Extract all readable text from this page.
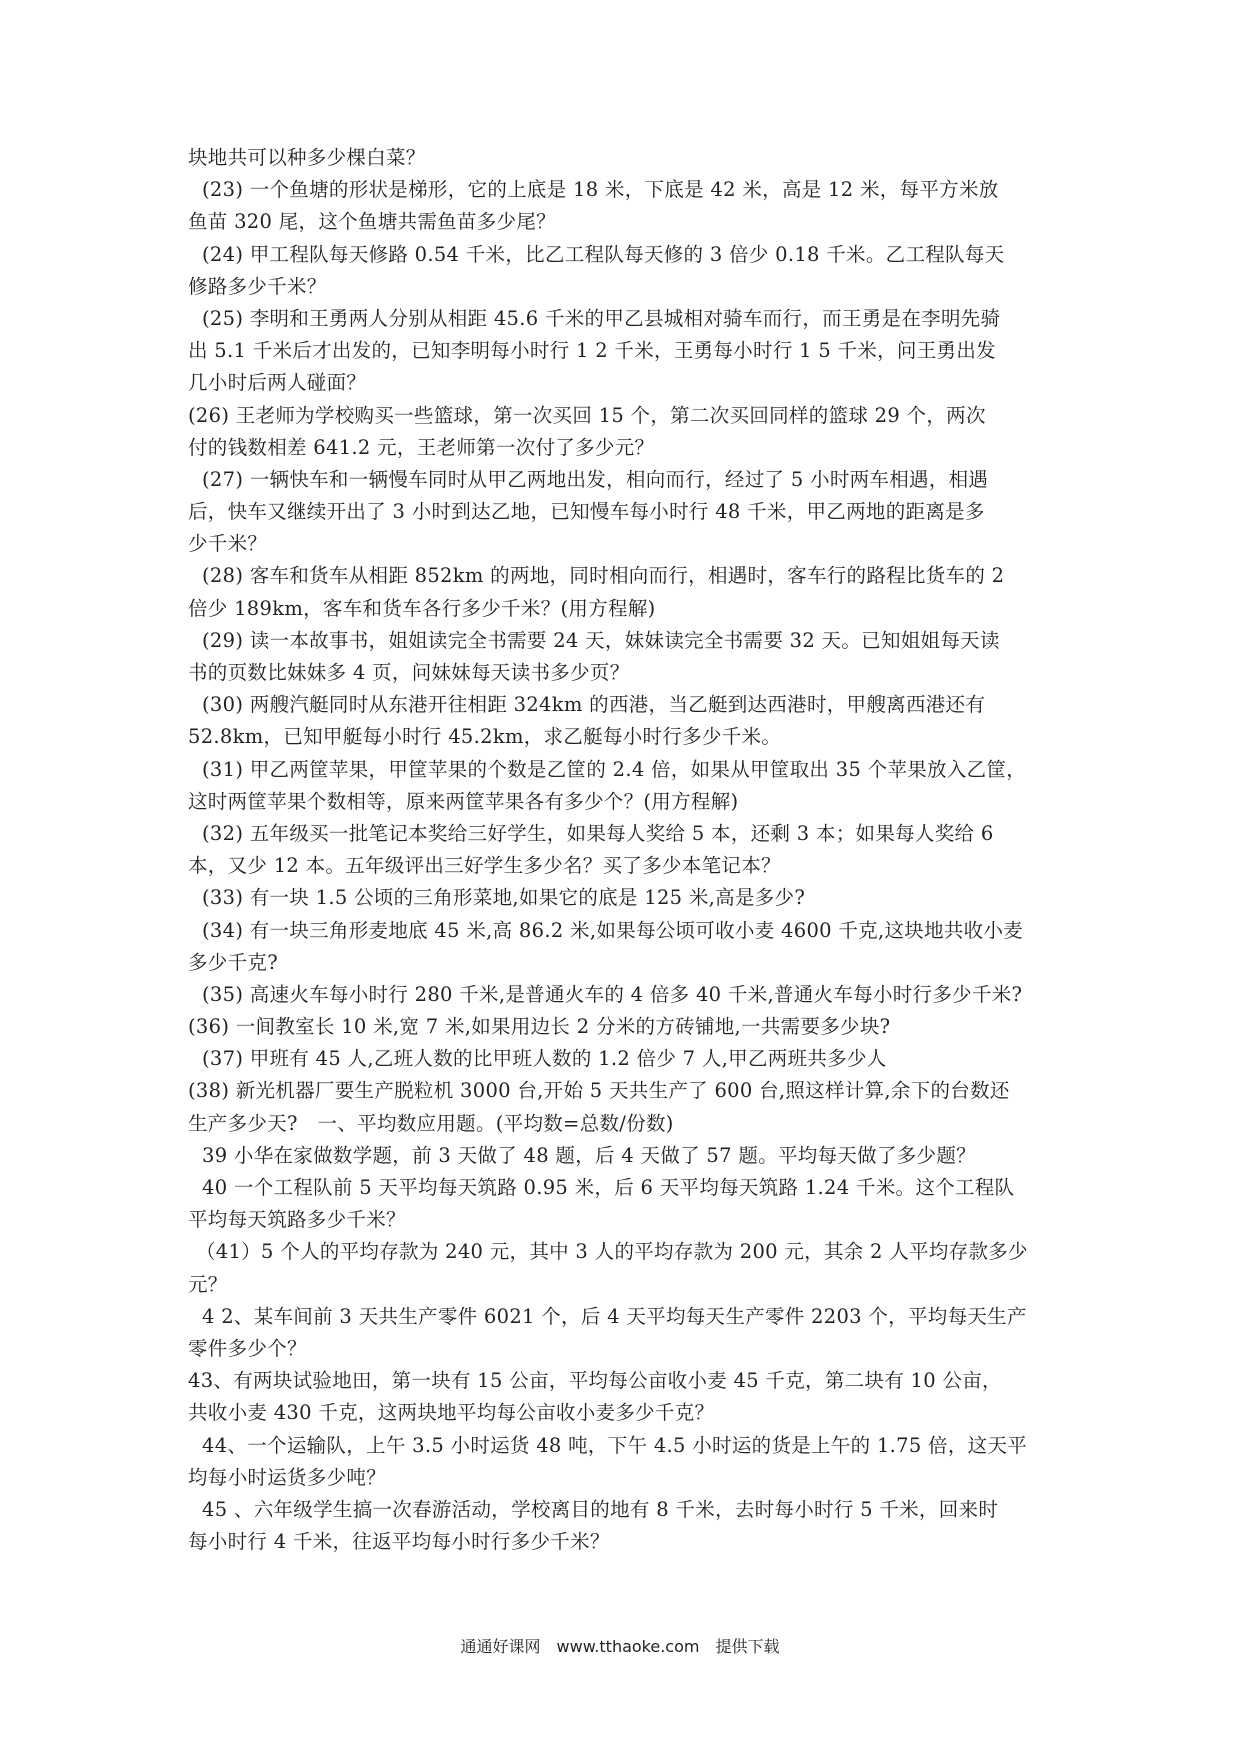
块地共可以种多少棵白菜？
(23) 一个鱼塘的形状是梯形，它的上底是 18 米，下底是 42 米，高是 12 米，每平方米放
鱼苗 320 尾，这个鱼塘共需鱼苗多少尾？
(24) 甲工程队每天修路 0.54 千米，比乙工程队每天修的 3 倍少 0.18 千米。乙工程队每天
修路多少千米？
(25) 李明和王勇两人分别从相距 45.6 千米的甲乙县城相对骑车而行，而王勇是在李明先骑
出 5.1 千米后才出发的，已知李明每小时行 1 2 千米，王勇每小时行 1 5 千米，问王勇出发
几小时后两人碰面？
(26) 王老师为学校购买一些篮球，第一次买回 15 个，第二次买回同样的篮球 29 个，两次
付的钱数相差 641.2 元，王老师第一次付了多少元？
(27) 一辆快车和一辆慢车同时从甲乙两地出发，相向而行，经过了 5 小时两车相遇，相遇
后，快车又继续开出了 3 小时到达乙地，已知慢车每小时行 48 千米，甲乙两地的距离是多
少千米？
(28) 客车和货车从相距 852km 的两地，同时相向而行，相遇时，客车行的路程比货车的 2
倍少 189km，客车和货车各行多少千米？(用方程解)
(29) 读一本故事书，姐姐读完全书需要 24 天，妹妹读完全书需要 32 天。已知姐姐每天读
书的页数比妹妹多 4 页，问妹妹每天读书多少页？
(30) 两艘汽艇同时从东港开往相距 324km 的西港，当乙艇到达西港时，甲艘离西港还有
52.8km，已知甲艇每小时行 45.2km，求乙艇每小时行多少千米。
(31) 甲乙两筐苹果，甲筐苹果的个数是乙筐的 2.4 倍，如果从甲筐取出 35 个苹果放入乙筐，
这时两筐苹果个数相等，原来两筐苹果各有多少个？(用方程解)
(32) 五年级买一批笔记本奖给三好学生，如果每人奖给 5 本，还剩 3 本；如果每人奖给 6
本，又少 12 本。五年级评出三好学生多少名？买了多少本笔记本？
(33) 有一块 1.5 公顷的三角形菜地,如果它的底是 125 米,高是多少?
(34) 有一块三角形麦地底 45 米,高 86.2 米,如果每公顷可收小麦 4600 千克,这块地共收小麦
多少千克?
(35) 高速火车每小时行 280 千米,是普通火车的 4 倍多 40 千米,普通火车每小时行多少千米?
(36) 一间教室长 10 米,宽 7 米,如果用边长 2 分米的方砖铺地,一共需要多少块?
(37) 甲班有 45 人,乙班人数的比甲班人数的 1.2 倍少 7 人,甲乙两班共多少人
(38) 新光机器厂要生产脱粒机 3000 台,开始 5 天共生产了 600 台,照这样计算,余下的台数还
生产多少天?　一、平均数应用题。(平均数=总数/份数)
39 小华在家做数学题，前 3 天做了 48 题，后 4 天做了 57 题。平均每天做了多少题？
40 一个工程队前 5 天平均每天筑路 0.95 米，后 6 天平均每天筑路 1.24 千米。这个工程队
平均每天筑路多少千米？
（41）5 个人的平均存款为 240 元，其中 3 人的平均存款为 200 元，其余 2 人平均存款多少
元？
4 2、某车间前 3 天共生产零件 6021 个，后 4 天平均每天生产零件 2203 个，平均每天生产
零件多少个？
43、有两块试验地田，第一块有 15 公亩，平均每公亩收小麦 45 千克，第二块有 10 公亩，
共收小麦 430 千克，这两块地平均每公亩收小麦多少千克？
44、一个运输队，上午 3.5 小时运货 48 吨，下午 4.5 小时运的货是上午的 1.75 倍，这天平
均每小时运货多少吨？
45 、六年级学生搞一次春游活动，学校离目的地有 8 千米，去时每小时行 5 千米，回来时
每小时行 4 千米，往返平均每小时行多少千米？
通通好课网　www.tthaoke.com　提供下载
